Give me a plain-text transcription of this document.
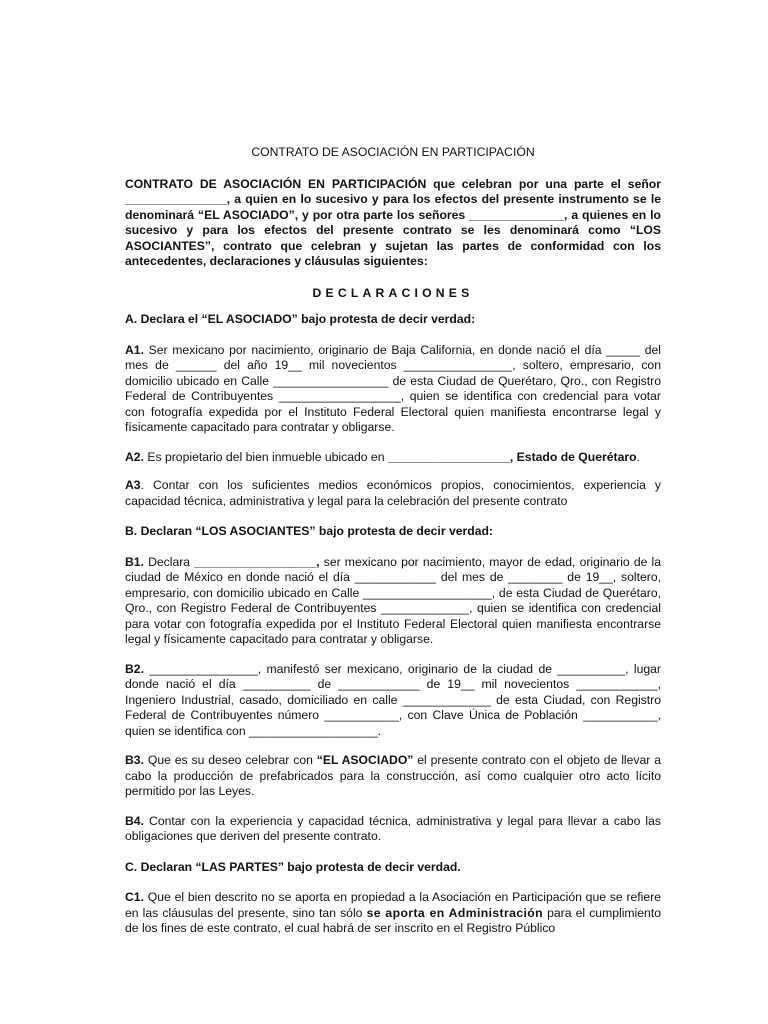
CONTRATO DE ASOCIACIÓN EN PARTICIPACIÓN

CONTRATO DE ASOCIACIÓN EN PARTICIPACIÓN que celebran por una parte el señor _______________, a quien en lo sucesivo y para los efectos del presente instrumento se le denominará “EL ASOCIADO”, y por otra parte los señores ______________, a quienes en lo sucesivo y para los efectos del presente contrato se les denominará como “LOS ASOCIANTES”, contrato que celebran y sujetan las partes de conformidad con los antecedentes, declaraciones y cláusulas siguientes:

DECLARACIONES

A. Declara el “EL ASOCIADO” bajo protesta de decir verdad:

A1. Ser mexicano por nacimiento, originario de Baja California, en donde nació el día _____ del mes de ______ del año 19__ mil novecientos ________________, soltero, empresario, con domicilio ubicado en Calle _________________ de esta Ciudad de Querétaro, Qro., con Registro Federal de Contribuyentes __________________, quien se identifica con credencial para votar con fotografía expedida por el Instituto Federal Electoral quien manifiesta encontrarse legal y físicamente capacitado para contratar y obligarse.

A2. Es propietario del bien inmueble ubicado en __________________, Estado de Querétaro.

A3. Contar con los suficientes medios económicos propios, conocimientos, experiencia y capacidad técnica, administrativa y legal para la celebración del presente contrato

B. Declaran “LOS ASOCIANTES” bajo protesta de decir verdad:

B1. Declara __________________, ser mexicano por nacimiento, mayor de edad, originario de la ciudad de México en donde nació el día ____________ del mes de ________ de 19__, soltero, empresario, con domicilio ubicado en Calle ___________________, de esta Ciudad de Querétaro, Qro., con Registro Federal de Contribuyentes _____________, quien se identifica con credencial para votar con fotografía expedida por el Instituto Federal Electoral quien manifiesta encontrarse legal y físicamente capacitado para contratar y obligarse.

B2. ________________, manifestó ser mexicano, originario de la ciudad de __________, lugar donde nació el día __________ de ____________ de 19__ mil novecientos ____________, Ingeniero Industrial, casado, domiciliado en calle _____________ de esta Ciudad, con Registro Federal de Contribuyentes número ___________, con Clave Única de Población ___________, quien se identifica con ___________________.

B3. Que es su deseo celebrar con “EL ASOCIADO” el presente contrato con el objeto de llevar a cabo la producción de prefabricados para la construcción, así como cualquier otro acto lícito permitido por las Leyes.

B4. Contar con la experiencia y capacidad técnica, administrativa y legal para llevar a cabo las obligaciones que deriven del presente contrato.

C. Declaran “LAS PARTES” bajo protesta de decir verdad.

C1. Que el bien descrito no se aporta en propiedad a la Asociación en Participación que se refiere en las cláusulas del presente, sino tan sólo se aporta en Administración para el cumplimiento de los fines de este contrato, el cual habrá de ser inscrito en el Registro Público
